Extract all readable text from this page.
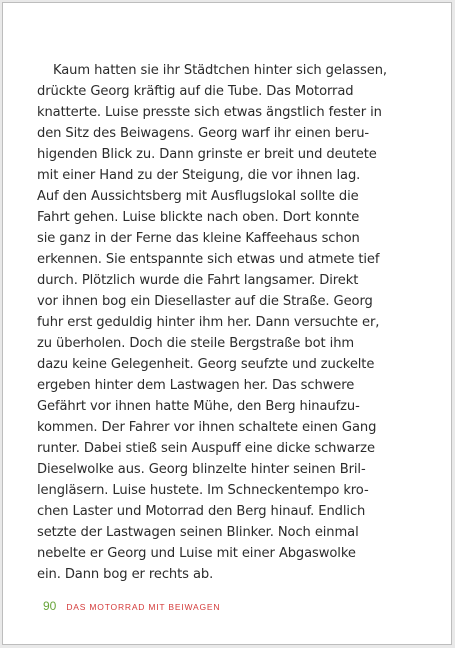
Kaum hatten sie ihr Städtchen hinter sich gelassen,
drückte Georg kräftig auf die Tube. Das Motorrad
knatterte. Luise presste sich etwas ängstlich fester in
den Sitz des Beiwagens. Georg warf ihr einen beru-
higenden Blick zu. Dann grinste er breit und deutete
mit einer Hand zu der Steigung, die vor ihnen lag.
Auf den Aussichtsberg mit Ausflugslokal sollte die
Fahrt gehen. Luise blickte nach oben. Dort konnte
sie ganz in der Ferne das kleine Kaffeehaus schon
erkennen. Sie entspannte sich etwas und atmete tief
durch. Plötzlich wurde die Fahrt langsamer. Direkt
vor ihnen bog ein Diesellaster auf die Straße. Georg
fuhr erst geduldig hinter ihm her. Dann versuchte er,
zu überholen. Doch die steile Bergstraße bot ihm
dazu keine Gelegenheit. Georg seufzte und zuckelte
ergeben hinter dem Lastwagen her. Das schwere
Gefährt vor ihnen hatte Mühe, den Berg hinaufzu-
kommen. Der Fahrer vor ihnen schaltete einen Gang
runter. Dabei stieß sein Auspuff eine dicke schwarze
Dieselwolke aus. Georg blinzelte hinter seinen Bril-
lengläsern. Luise hustete. Im Schneckentempo kro-
chen Laster und Motorrad den Berg hinauf. Endlich
setzte der Lastwagen seinen Blinker. Noch einmal
nebelte er Georg und Luise mit einer Abgaswolke
ein. Dann bog er rechts ab.
90 DAS MOTORRAD MIT BEIWAGEN
